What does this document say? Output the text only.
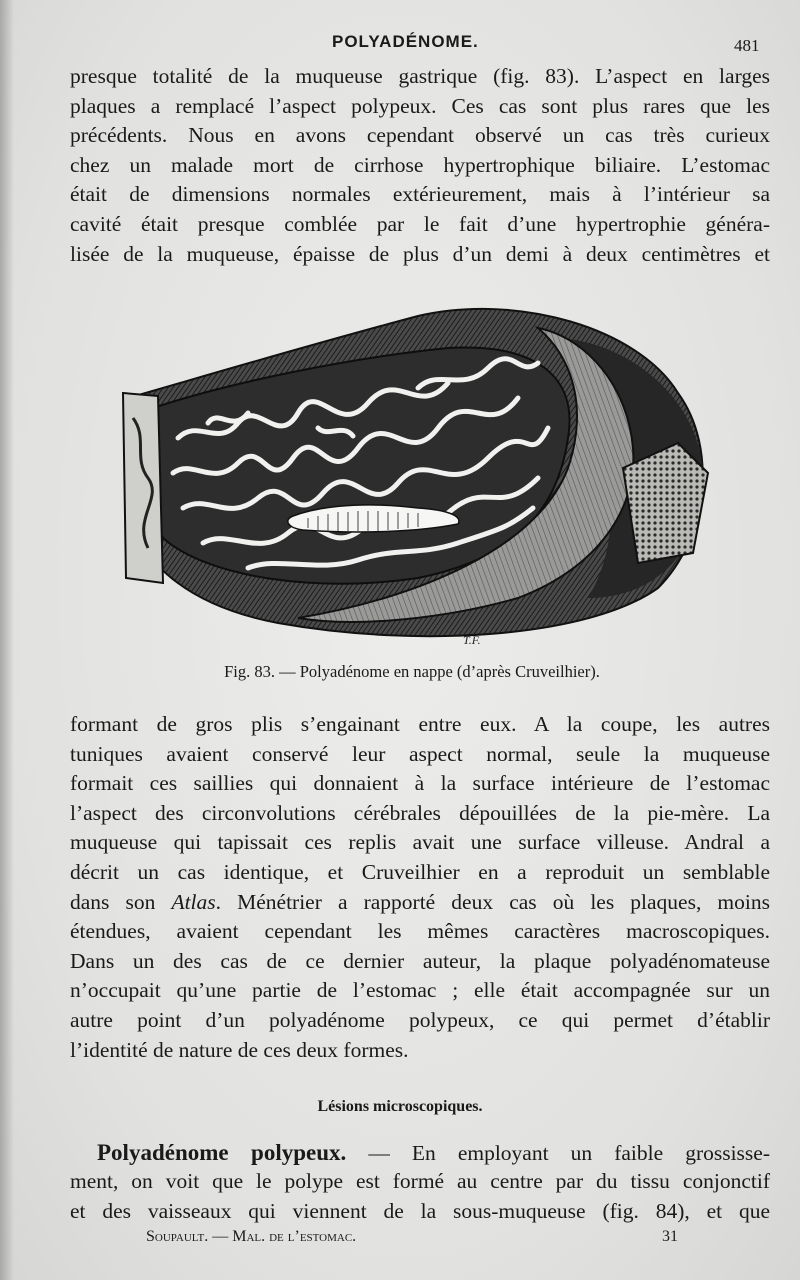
POLYADÉNOME.	481

presque totalité de la muqueuse gastrique (fig. 83). L’aspect en larges
plaques a remplacé l’aspect polypeux. Ces cas sont plus rares que les
précédents. Nous en avons cependant observé un cas très curieux
chez un malade mort de cirrhose hypertrophique biliaire. L’estomac
était de dimensions normales extérieurement, mais à l’intérieur sa
cavité était presque comblée par le fait d’une hypertrophie généra-
lisée de la muqueuse, épaisse de plus d’un demi à deux centimètres et

T.F.
Fig. 83. — Polyadénome en nappe (d’après Cruveilhier).

formant de gros plis s’engainant entre eux. A la coupe, les autres
tuniques avaient conservé leur aspect normal, seule la muqueuse
formait ces saillies qui donnaient à la surface intérieure de l’estomac
l’aspect des circonvolutions cérébrales dépouillées de la pie-mère. La
muqueuse qui tapissait ces replis avait une surface villeuse. Andral a
décrit un cas identique, et Cruveilhier en a reproduit un semblable
dans son Atlas. Ménétrier a rapporté deux cas où les plaques, moins
étendues, avaient cependant les mêmes caractères macroscopiques.
Dans un des cas de ce dernier auteur, la plaque polyadénomateuse
n’occupait qu’une partie de l’estomac ; elle était accompagnée sur un
autre point d’un polyadénome polypeux, ce qui permet d’établir
l’identité de nature de ces deux formes.

Lésions microscopiques.

Polyadénome polypeux. — En employant un faible grossisse-

ment, on voit que le polype est formé au centre par du tissu conjonctif
et des vaisseaux qui viennent de la sous-muqueuse (fig. 84), et que

Soupault. — Mal. de l’estomac.	31
